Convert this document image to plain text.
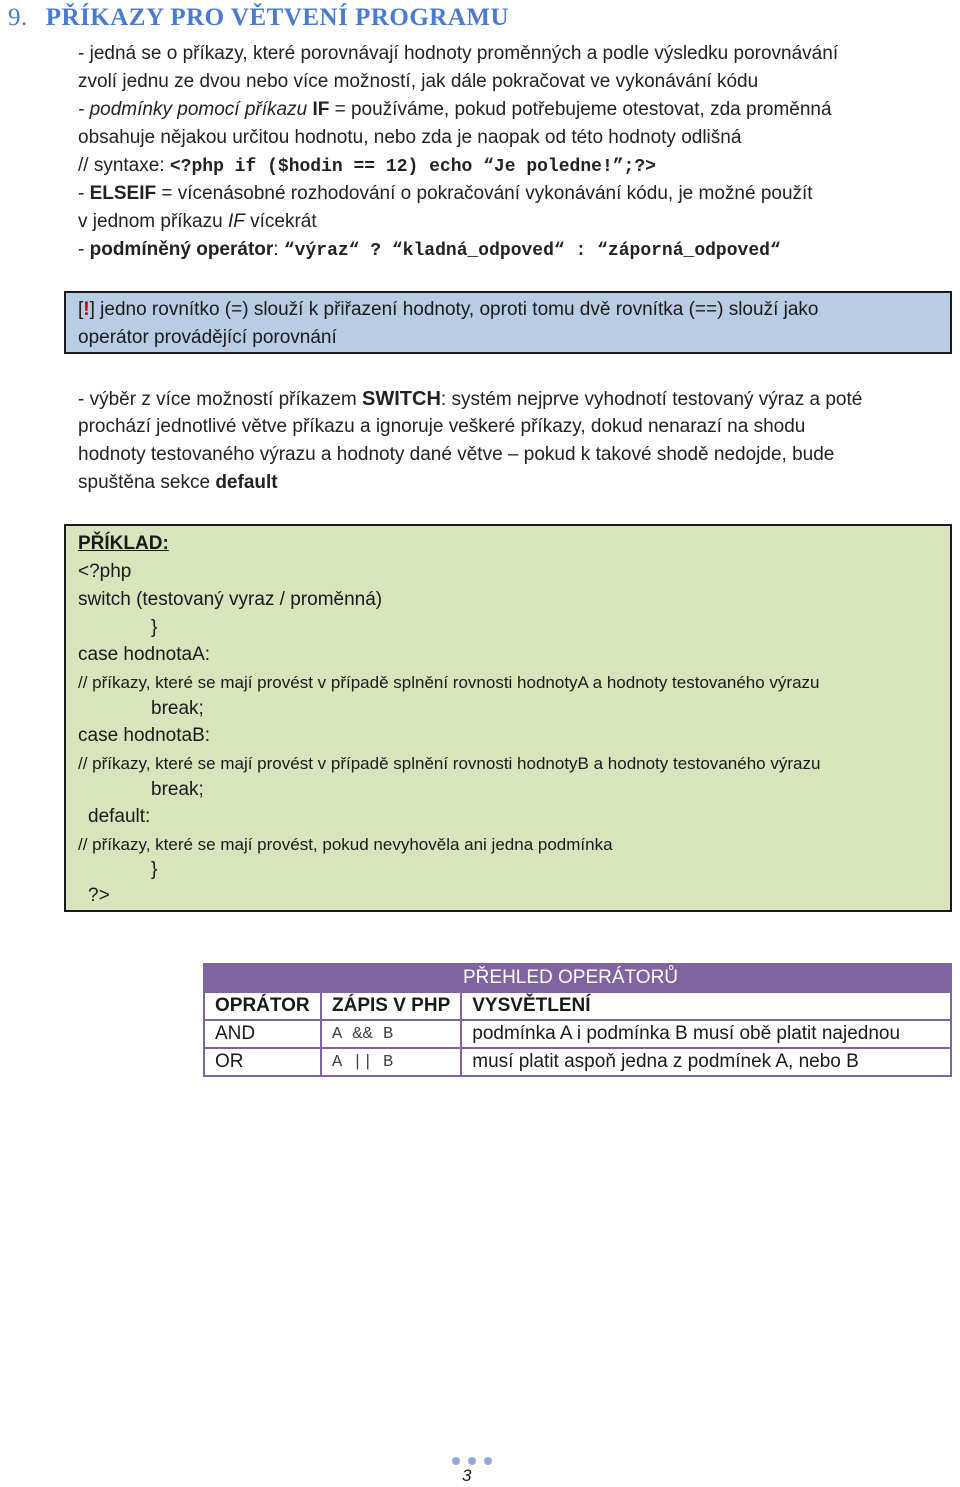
9. PŘÍKAZY PRO VĚTVENÍ PROGRAMU
- jedná se o příkazy, které porovnávají hodnoty proměnných a podle výsledku porovnávání
zvolí jednu ze dvou nebo více možností, jak dále pokračovat ve vykonávání kódu
- podmínky pomocí příkazu IF = používáme, pokud potřebujeme otestovat, zda proměnná
obsahuje nějakou určitou hodnotu, nebo zda je naopak od této hodnoty odlišná
// syntaxe: <?php if ($hodin == 12) echo “Je poledne!”;?>
- ELSEIF = vícenásobné rozhodování o pokračování vykonávání kódu, je možné použít
v jednom příkazu IF vícekrát
- podmíněný operátor: “výraz“ ? “kladná_odpoved“ : “záporná_odpoved“
[!] jedno rovnítko (=) slouží k přiřazení hodnoty, oproti tomu dvě rovnítka (==) slouží jako
operátor provádějící porovnání
- výběr z více možností příkazem SWITCH: systém nejprve vyhodnotí testovaný výraz a poté
prochází jednotlivé větve příkazu a ignoruje veškeré příkazy, dokud nenarazí na shodu
hodnoty testovaného výrazu a hodnoty dané větve – pokud k takové shodě nedojde, bude
spuštěna sekce default
PŘÍKLAD:
<?php
switch (testovaný vyraz / proměnná)
}
case hodnotaA:
// příkazy, které se mají provést v případě splnění rovnosti hodnotyA a hodnoty testovaného výrazu
break;
case hodnotaB:
// příkazy, které se mají provést v případě splnění rovnosti hodnotyB a hodnoty testovaného výrazu
break;
default:
// příkazy, které se mají provést, pokud nevyhověla ani jedna podmínka
}
?>
PŘEHLED OPERÁTORŮ		
OPRÁTOR	ZÁPIS V PHP	VYSVĚTLENÍ
AND	A && B	podmínka A i podmínka B musí obě platit najednou
OR	A || B	musí platit aspoň jedna z podmínek A, nebo B
3
